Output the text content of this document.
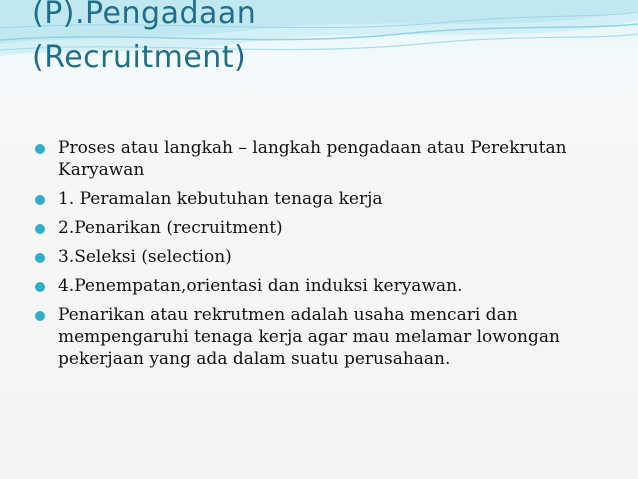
(P).Pengadaan
(Recruitment)
Proses atau langkah – langkah pengadaan atau Perekrutan Karyawan
1. Peramalan kebutuhan tenaga kerja
2.Penarikan (recruitment)
3.Seleksi (selection)
4.Penempatan,orientasi dan induksi keryawan.
Penarikan atau rekrutmen adalah usaha mencari dan mempengaruhi tenaga kerja agar mau melamar lowongan pekerjaan yang ada dalam suatu perusahaan.
